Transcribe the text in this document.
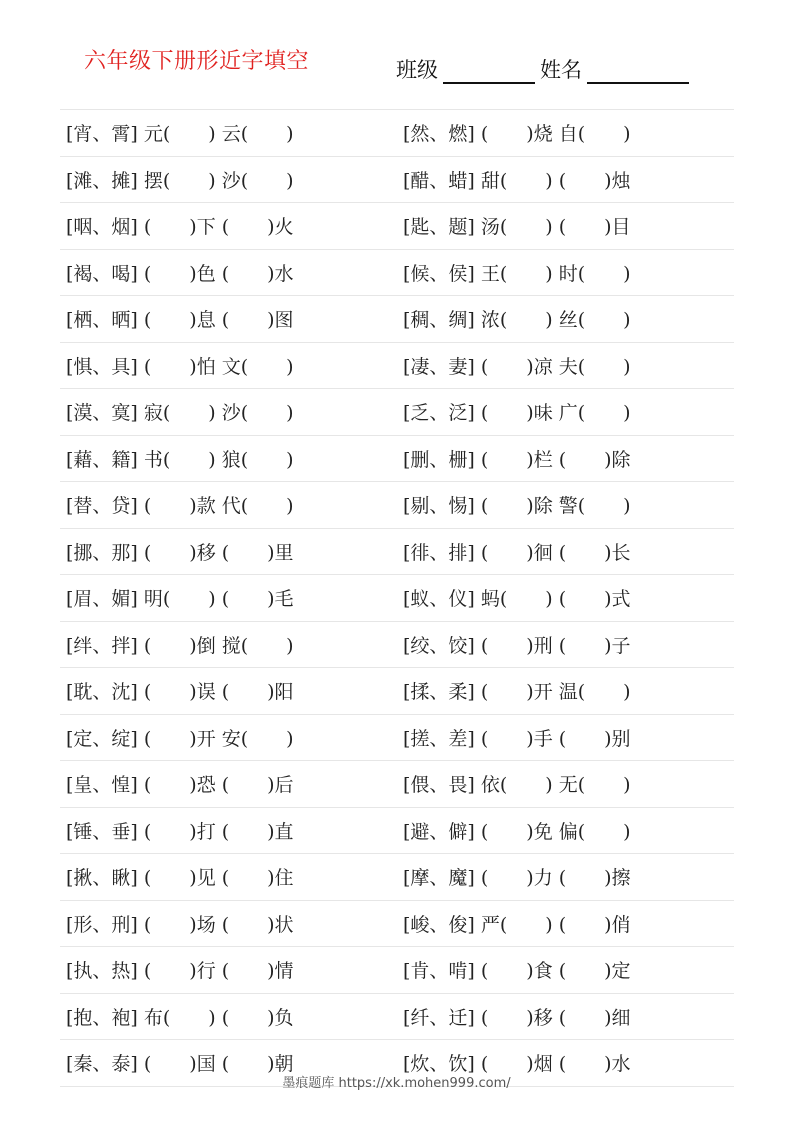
六年级下册形近字填空	班级	姓名
[宵、霄] 元(　　) 云(　　)	[然、燃] (　　)烧 自(　　)
[滩、摊] 摆(　　) 沙(　　)	[醋、蜡] 甜(　　) (　　)烛
[咽、烟] (　　)下 (　　)火	[匙、题] 汤(　　) (　　)目
[褐、喝] (　　)色 (　　)水	[候、侯] 王(　　) 时(　　)
[栖、晒] (　　)息 (　　)图	[稠、绸] 浓(　　) 丝(　　)
[惧、具] (　　)怕 文(　　)	[凄、妻] (　　)凉 夫(　　)
[漠、寞] 寂(　　) 沙(　　)	[乏、泛] (　　)味 广(　　)
[藉、籍] 书(　　) 狼(　　)	[删、栅] (　　)栏 (　　)除
[替、贷] (　　)款 代(　　)	[剔、惕] (　　)除 警(　　)
[挪、那] (　　)移 (　　)里	[徘、排] (　　)徊 (　　)长
[眉、媚] 明(　　) (　　)毛	[蚁、仪] 蚂(　　) (　　)式
[绊、拌] (　　)倒 搅(　　)	[绞、饺] (　　)刑 (　　)子
[耽、沈] (　　)误 (　　)阳	[揉、柔] (　　)开 温(　　)
[定、绽] (　　)开 安(　　)	[搓、差] (　　)手 (　　)别
[皇、惶] (　　)恐 (　　)后	[偎、畏] 依(　　) 无(　　)
[锤、垂] (　　)打 (　　)直	[避、僻] (　　)免 偏(　　)
[揪、瞅] (　　)见 (　　)住	[摩、魔] (　　)力 (　　)擦
[形、刑] (　　)场 (　　)状	[峻、俊] 严(　　) (　　)俏
[执、热] (　　)行 (　　)情	[肯、啃] (　　)食 (　　)定
[抱、袍] 布(　　) (　　)负	[纤、迁] (　　)移 (　　)细
[秦、泰] (　　)国 (　　)朝	[炊、饮] (　　)烟 (　　)水
墨痕题库 https://xk.mohen999.com/
